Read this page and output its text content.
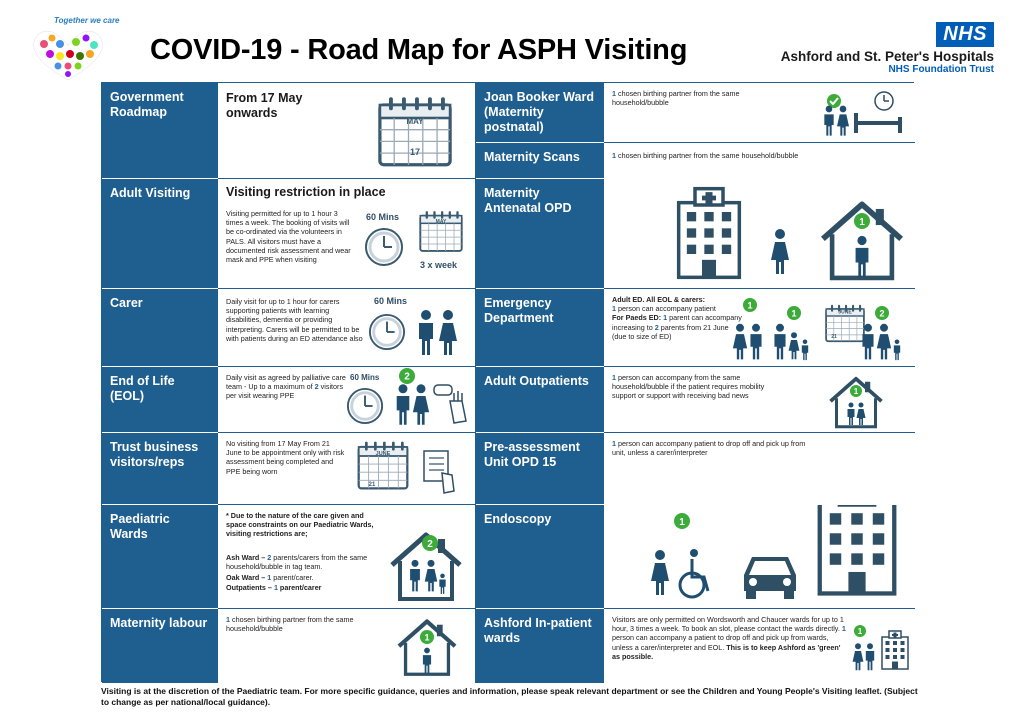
Together we care
COVID-19 - Road Map for ASPH Visiting	NHS
Ashford and St. Peter's Hospitals
NHS Foundation Trust
Government Roadmap
From 17 May onwards
MAY
17
Adult Visiting	Visiting restriction in place
Visiting permitted for up to 1 hour 3 times a week. The booking of visits will be co-ordinated via the volunteers in PALS. All visitors must have a documented risk assessment and wear mask and PPE when visiting
60 Mins	MAY
3 x week
Carer	Daily visit for up to 1 hour for carers supporting patients with learning disabilities, dementia or providing interpreting. Carers will be permitted to be with patients during an ED attendance also
60 Mins
End of Life (EOL)
Daily visit as agreed by palliative care team - Up to a maximum of 2 visitors per visit wearing PPE
60 Mins 2
Trust business visitors/reps
No visiting from 17 May From 21 June to be appointment only with risk assessment being completed and PPE being worn
JUNE
21
Paediatric Wards
* Due to the nature of the care given and space constraints on our Paediatric Wards, visiting restrictions are;
Ash Ward – 2 parents/carers from the same household/bubble in tag team.
Oak Ward – 1 parent/carer.
Outpatients – 1 parent/carer
2
Maternity labour	1 chosen birthing partner from the same household/bubble
1
Joan Booker Ward (Maternity postnatal)
1 chosen birthing partner from the same household/bubble
Maternity Scans	1 chosen birthing partner from the same household/bubble
Maternity Antenatal OPD
1
Emergency Department
Adult ED. All EOL & carers:
1 person can accompany patient
For Paeds ED: 1 parent can accompany increasing to 2 parents from 21 June (due to size of ED)
1
1	JUNE
21
2
Adult Outpatients	1 person can accompany from the same household/bubble if the patient requires mobility support or support with receiving bad news	1
Pre-assessment Unit OPD 15
1 person can accompany patient to drop off and pick up from unit, unless a carer/interpreter
Endoscopy	1
Ashford In-patient wards
Visitors are only permitted on Wordsworth and Chaucer wards for up to 1 hour, 3 times a week. To book an slot, please contact the wards directly. 1 person can accompany a patient to drop off and pick up from wards, unless a carer/interpreter and EOL. This is to keep Ashford as 'green' as possible.
1
Visiting is at the discretion of the Paediatric team. For more specific guidance, queries and information, please speak relevant department or see the Children and Young People's Visiting leaflet. (Subject to change as per national/local guidance).
